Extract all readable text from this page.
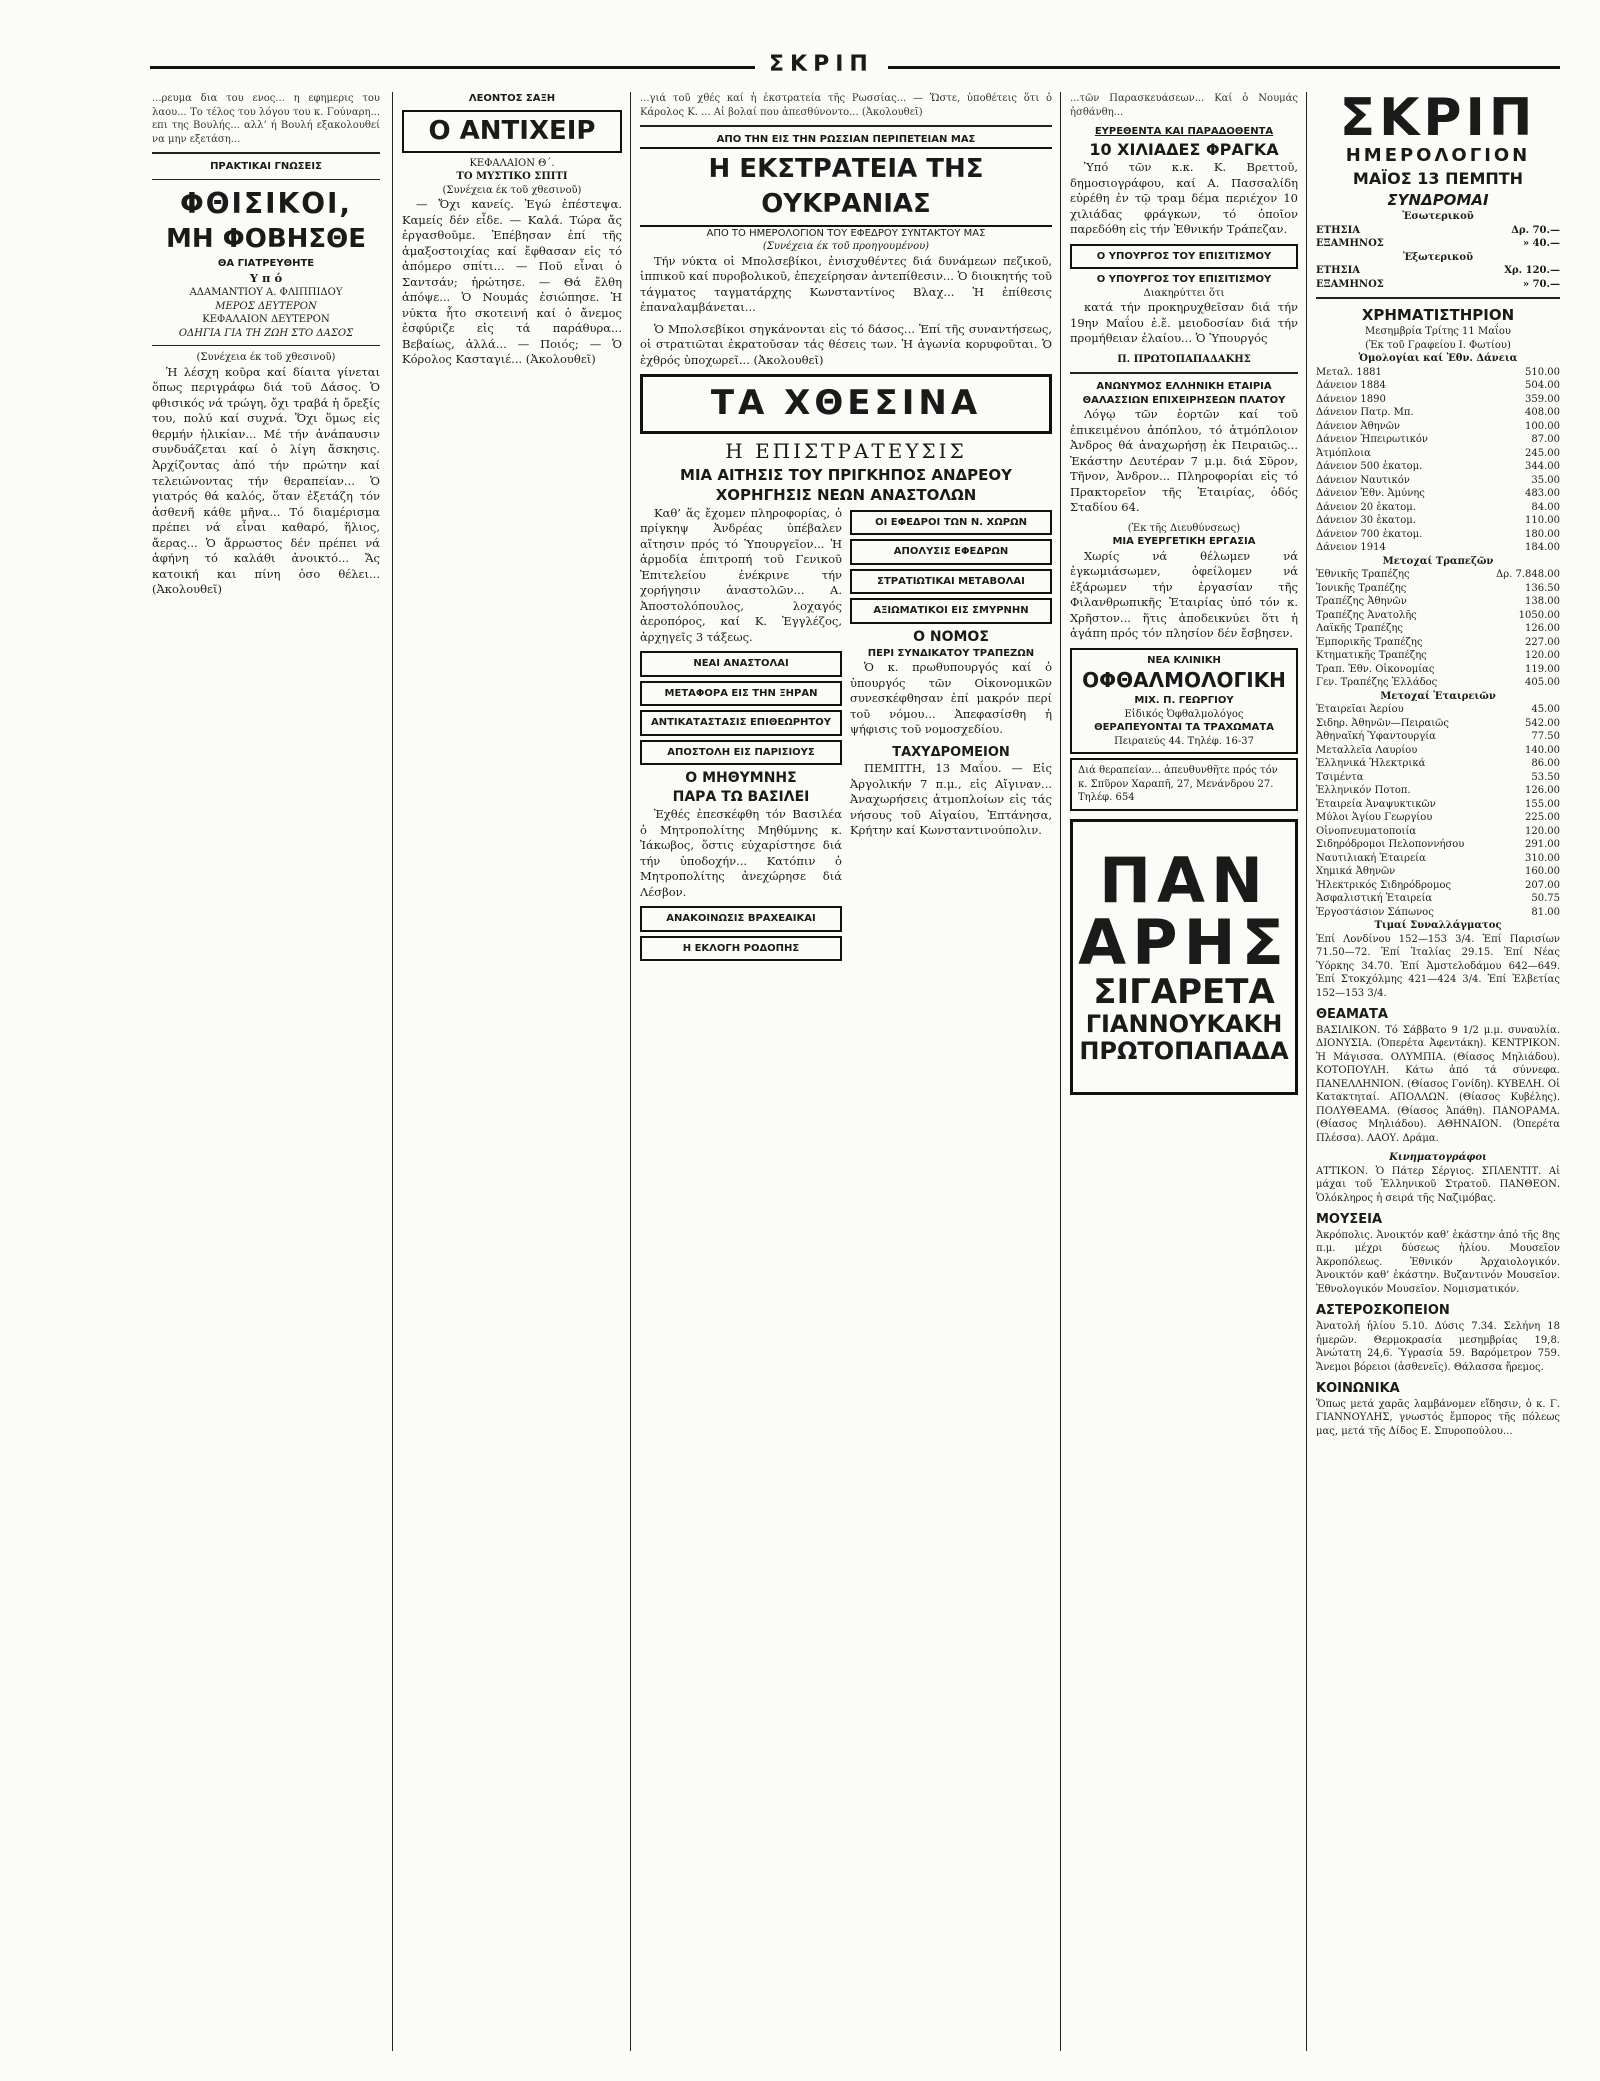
ΣΚΡΙΠ

...ρευμα δια του ενος... η εφημερις του λαου... Το τέλος του λόγου του κ. Γούναρη... επι της Βουλής... αλλ’ ή Βουλή εξακολουθεί να μην εξετάση...

ΠΡΑΚΤΙΚΑΙ ΓΝΩΣΕΙΣ
ΦΘΙΣΙΚΟΙ,
ΜΗ ΦΟΒΗΣΘΕ
ΘΑ ΓΙΑΤΡΕΥΘΗΤΕ
Υ π ό
ΑΔΑΜΑΝΤΙΟΥ Α. ΦΛΙΠΠΙΔΟΥ
ΜΕΡΟΣ ΔΕΥΤΕΡΟΝ
ΚΕΦΑΛΑΙΟΝ ΔΕΥΤΕΡΟΝ
ΟΔΗΓΙΑ ΓΙΑ ΤΗ ΖΩΗ ΣΤΟ ΔΑΣΟΣ
(Συνέχεια έκ τοῦ χθεσινοῦ)

Ἡ λέσχη κοῦρα καί δίαιτα γίνεται ὅπως περιγράφω διά τοῦ Δάσος. Ὁ φθισικός νά τρώγη, ὄχι τραβά ἡ ὄρεξίς του, πολύ καί συχνά. Ὅχι ὅμως εἰς θερμήν ἡλικίαν... Μέ τήν ἀνάπαυσιν συνδυάζεται καί ὁ λίγη ἄσκησις. Ἀρχίζοντας ἀπό τήν πρώτην καί τελειώνοντας τήν θεραπείαν... Ὁ γιατρός θά καλός, ὅταν ἐξετάζη τόν ἀσθενῆ κάθε μῆνα... Τό διαμέρισμα πρέπει νά εἶναι καθαρό, ἥλιος, ἄερας... Ὁ ἄρρωστος δέν πρέπει νά ἀφήνη τό καλάθι ἀνοικτό... Ἄς κατοική και πίνη ὁσο θέλει... (Ἀκολουθεῖ)

ΛΕΟΝΤΟΣ ΣΑΞΗ
Ο ΑΝΤΙΧΕΙΡ
ΚΕΦΑΛΑΙΟΝ Θ΄.
ΤΟ ΜΥΣΤΙΚΟ ΣΠΙΤΙ
(Συνέχεια έκ τοῦ χθεσινοῦ)

— Ὄχι κανείς. Ἐγώ ἐπέστεψα. Καμείς δέν εἶδε. — Καλά. Τώρα ἄς ἐργασθοῦμε. Ἐπέβησαν ἐπί τῆς ἀμαξοστοιχίας καί ἔφθασαν εἰς τό ἀπόμερο σπίτι... — Ποῦ εἶναι ὁ Σαντσάν; ἠρώτησε. — Θά ἔλθη ἀπόψε... Ὁ Νουμάς ἐσιώπησε. Ἡ νύκτα ἦτο σκοτεινή καί ὁ ἄνεμος ἐσφύριζε εἰς τά παράθυρα... Βεβαίως, ἀλλά... — Ποιός; — Ὁ Κόρολος Κασταγιέ... (Ἀκολουθεῖ)

...γιά τοῦ χθές καί ἡ ἐκστρατεία τῆς Ρωσσίας... — Ὥστε, ὑποθέτεις ὅτι ὁ Κάρολος Κ. ... Αἱ βολαί που ἀπεσθύνοντο... (Ἀκολουθεῖ)

ΑΠΟ ΤΗΝ ΕΙΣ ΤΗΝ ΡΩΣΣΙΑΝ ΠΕΡΙΠΕΤΕΙΑΝ ΜΑΣ
Η ΕΚΣΤΡΑΤΕΙΑ ΤΗΣ ΟΥΚΡΑΝΙΑΣ
ΑΠΟ ΤΟ ΗΜΕΡΟΛΟΓΙΟΝ ΤΟΥ ΕΦΕΔΡΟΥ ΣΥΝΤΑΚΤΟΥ ΜΑΣ
(Συνέχεια έκ τοῦ προηγουμένου)

Τήν νύκτα οἱ Μπολσεβίκοι, ἐνισχυθέντες διά δυνάμεων πεζικοῦ, ἱππικοῦ καί πυροβολικοῦ, ἐπεχείρησαν ἀντεπίθεσιν... Ὁ διοικητής τοῦ τάγματος ταγματάρχης Κωνσταντίνος Βλαχ... Ἡ ἐπίθεσις ἐπαναλαμβάνεται...

Ὁ Μπολσεβίκοι σηγκάνονται εἰς τό δάσος... Ἐπί τῆς συναντήσεως, οἱ στρατιῶται ἐκρατοῦσαν τάς θέσεις των. Ἡ ἀγωνία κορυφοῦται. Ὁ ἐχθρός ὑποχωρεῖ... (Ἀκολουθεῖ)

ΤΑ ΧΘΕΣΙΝΑ
Η ΕΠΙΣΤΡΑΤΕΥΣΙΣ
ΜΙΑ ΑΙΤΗΣΙΣ ΤΟΥ ΠΡΙΓΚΗΠΟΣ ΑΝΔΡΕΟΥ
ΧΟΡΗΓΗΣΙΣ ΝΕΩΝ ΑΝΑΣΤΟΛΩΝ

Καθ’ ἅς ἔχομεν πληροφορίας, ὁ πρίγκηψ Ἀνδρέας ὑπέβαλεν αἴτησιν πρός τό Ὑπουργεῖον... Ἡ ἁρμοδία ἐπιτροπή τοῦ Γενικοῦ Ἐπιτελείου ἐνέκρινε τήν χορήγησιν ἀναστολῶν... Α. Ἀποστολόπουλος, λοχαγός ἀεροπόρος, καί Κ. Ἐγγλέζος, ἀρχηγεῖς 3 τάξεως.

ΝΕΑΙ ΑΝΑΣΤΟΛΑΙ
ΜΕΤΑΦΟΡΑ ΕΙΣ ΤΗΝ ΞΗΡΑΝ
ΑΝΤΙΚΑΤΑΣΤΑΣΙΣ ΕΠΙΘΕΩΡΗΤΟΥ
ΑΠΟΣΤΟΛΗ ΕΙΣ ΠΑΡΙΣΙΟΥΣ
Ο ΜΗΘΥΜΝΗΣ
ΠΑΡΑ ΤΩ ΒΑΣΙΛΕΙ

Ἐχθές ἐπεσκέφθη τόν Βασιλέα ὁ Μητροπολίτης Μηθύμνης κ. Ἰάκωβος, ὅστις εὐχαρίστησε διά τήν ὑποδοχήν... Κατόπιν ὁ Μητροπολίτης ἀνεχώρησε διά Λέσβον.

ΑΝΑΚΟΙΝΩΣΙΣ ΒΡΑΧΕΑΙΚΑΙ
Η ΕΚΛΟΓΗ ΡΟΔΟΠΗΣ
ΟΙ ΕΦΕΔΡΟΙ ΤΩΝ Ν. ΧΩΡΩΝ
ΑΠΟΛΥΣΙΣ ΕΦΕΔΡΩΝ
ΣΤΡΑΤΙΩΤΙΚΑΙ ΜΕΤΑΒΟΛΑΙ
ΑΞΙΩΜΑΤΙΚΟΙ ΕΙΣ ΣΜΥΡΝΗΝ
Ο ΝΟΜΟΣ
ΠΕΡΙ ΣΥΝΔΙΚΑΤΟΥ ΤΡΑΠΕΖΩΝ

Ὁ κ. πρωθυπουργός καί ὁ ὑπουργός τῶν Οἰκονομικῶν συνεσκέφθησαν ἐπί μακρόν περί τοῦ νόμου... Ἀπεφασίσθη ἡ ψήφισις τοῦ νομοσχεδίου.

ΤΑΧΥΔΡΟΜΕΙΟΝ

ΠΕΜΠΤΗ, 13 Μαΐου. — Εἰς Ἀργολικήν 7 π.μ., εἰς Αἴγιναν... Ἀναχωρήσεις ἀτμοπλοίων εἰς τάς νήσους τοῦ Αἰγαίου, Ἑπτάνησα, Κρήτην καί Κωνσταντινούπολιν.

...τῶν Παρασκευάσεων... Καί ὁ Νουμάς ἠσθάνθη...

ΕΥΡΕΘΕΝΤΑ ΚΑΙ ΠΑΡΑΔΟΘΕΝΤΑ
10 ΧΙΛΙΑΔΕΣ ΦΡΑΓΚΑ

Ὑπό τῶν κ.κ. Κ. Βρεττοῦ, δημοσιογράφου, καί Α. Πασσαλίδη εὑρέθη ἐν τῷ τραμ δέμα περιέχον 10 χιλιάδας φράγκων, τό ὁποῖον παρεδόθη εἰς τήν Ἐθνικήν Τράπεζαν.

Ο ΥΠΟΥΡΓΟΣ ΤΟΥ ΕΠΙΣΙΤΙΣΜΟΥ
Ο ΥΠΟΥΡΓΟΣ ΤΟΥ ΕΠΙΣΙΤΙΣΜΟΥ
Διακηρύττει ὅτι

κατά τήν προκηρυχθεῖσαν διά τήν 19ην Μαΐου ἐ.ἔ. μειοδοσίαν διά τήν προμήθειαν ἐλαίου... Ὁ Ὑπουργός

Π. ΠΡΩΤΟΠΑΠΑΔΑΚΗΣ
ΑΝΩΝΥΜΟΣ ΕΛΛΗΝΙΚΗ ΕΤΑΙΡΙΑ
ΘΑΛΑΣΣΙΩΝ ΕΠΙΧΕΙΡΗΣΕΩΝ ΠΛΑΤΟΥ

Λόγῳ τῶν ἑορτῶν καί τοῦ ἐπικειμένου ἀπόπλου, τό ἀτμόπλοιον Ἀνδρος θά ἀναχωρήσῃ ἐκ Πειραιῶς... Ἐκάστην Δευτέραν 7 μ.μ. διά Σῦρον, Τῆνον, Ἀνδρον... Πληροφορίαι εἰς τό Πρακτορεῖον τῆς Ἑταιρίας, ὁδός Σταδίου 64.

(Ἐκ τῆς Διευθύνσεως)
ΜΙΑ ΕΥΕΡΓΕΤΙΚΗ ΕΡΓΑΣΙΑ

Χωρίς νά θέλωμεν νά ἐγκωμιάσωμεν, ὀφείλομεν νά ἐξάρωμεν τήν ἐργασίαν τῆς Φιλανθρωπικῆς Ἑταιρίας ὑπό τόν κ. Χρῆστον... ἥτις ἀποδεικνύει ὅτι ἡ ἀγάπη πρός τόν πλησίον δέν ἔσβησεν.

ΝΕΑ ΚΛΙΝΙΚΗ
ΟΦΘΑΛΜΟΛΟΓΙΚΗ
ΜΙΧ. Π. ΓΕΩΡΓΙΟΥ
Εἰδικός Ὀφθαλμολόγος
ΘΕΡΑΠΕΥΟΝΤΑΙ ΤΑ ΤΡΑΧΩΜΑΤΑ
Πειραιεύς 44. Τηλέφ. 16-37
Διά θεραπείαν... ἀπευθυνθῆτε πρός τόν κ. Σπῦρον Χαραπῆ, 27, Μενάνδρου 27. Τηλέφ. 654
ΠΑΝ
ΑΡΗΣ
ΣΙΓΑΡΕΤΑ
ΓΙΑΝΝΟΥΚΑΚΗ
ΠΡΩΤΟΠΑΠΑΔΑ
ΣΚΡΙΠ
ΗΜΕΡΟΛΟΓΙΟΝ
ΜΑΪΟΣ 13 ΠΕΜΠΤΗ
ΣΥΝΔΡΟΜΑΙ
Ἐσωτερικοῦ
ΕΤΗΣΙΑ	Δρ. 70.—
ΕΞΑΜΗΝΟΣ	» 40.—
Ἐξωτερικοῦ
ΕΤΗΣΙΑ	Χρ. 120.—
ΕΞΑΜΗΝΟΣ	» 70.—
ΧΡΗΜΑΤΙΣΤΗΡΙΟΝ
Μεσημβρία Τρίτης 11 Μαΐου
(Ἐκ τοῦ Γραφείου Ι. Φωτίου)
Ὁμολογίαι καί Ἐθν. Δάνεια
Μεταλ. 1881	510.00
Δάνειον 1884	504.00
Δάνειον 1890	359.00
Δάνειον Πατρ. Μπ.	408.00
Δάνειον Ἀθηνῶν	100.00
Δάνειον Ἠπειρωτικόν	87.00
Ἀτμόπλοια	245.00
Δάνειον 500 ἑκατομ.	344.00
Δάνειον Ναυτικόν	35.00
Δάνειον Ἐθν. Ἀμύνης	483.00
Δάνειον 20 ἑκατομ.	84.00
Δάνειον 30 ἑκατομ.	110.00
Δάνειον 700 ἑκατομ.	180.00
Δάνειον 1914	184.00
Μετοχαί Τραπεζῶν
Ἐθνικῆς Τραπέζης	Δρ. 7.848.00
Ἰονικῆς Τραπέζης	136.50
Τραπέζης Ἀθηνῶν	138.00
Τραπέζης Ἀνατολῆς	1050.00
Λαϊκῆς Τραπέζης	126.00
Ἐμπορικῆς Τραπέζης	227.00
Κτηματικῆς Τραπέζης	120.00
Τραπ. Ἐθν. Οἰκονομίας	119.00
Γεν. Τραπέζης Ἑλλάδος	405.00
Μετοχαί Ἑταιρειῶν
Ἑταιρεῖαι Ἀερίου	45.00
Σιδηρ. Ἀθηνῶν—Πειραιῶς	542.00
Ἀθηναϊκή Ὑφαντουργία	77.50
Μεταλλεῖα Λαυρίου	140.00
Ἑλληνικά Ἠλεκτρικά	86.00
Τσιμέντα	53.50
Ἑλληνικόν Ποτοπ.	126.00
Ἑταιρεία Ἀναψυκτικῶν	155.00
Μύλοι Ἁγίου Γεωργίου	225.00
Οἰνοπνευματοποιία	120.00
Σιδηρόδρομοι Πελοποννήσου	291.00
Ναυτιλιακή Ἑταιρεία	310.00
Χημικά Ἀθηνῶν	160.00
Ἠλεκτρικός Σιδηρόδρομος	207.00
Ἀσφαλιστική Ἑταιρεία	50.75
Ἐργοστάσιον Σάπωνος	81.00
Τιμαί Συναλλάγματος

Ἐπί Λονδίνου 152—153 3/4. Ἐπί Παρισίων 71.50—72. Ἐπί Ἰταλίας 29.15. Ἐπί Νέας Ὑόρκης 34.70. Ἐπί Ἀμστελοδάμου 642—649. Ἐπί Στοκχόλμης 421—424 3/4. Ἐπί Ἐλβετίας 152—153 3/4.

ΘΕΑΜΑΤΑ

ΒΑΣΙΛΙΚΟΝ. Τό Σάββατο 9 1/2 μ.μ. συναυλία. ΔΙΟΝΥΣΙΑ. (Ὀπερέτα Ἀφεντάκη). ΚΕΝΤΡΙΚΟΝ. Ἡ Μάγισσα. ΟΛΥΜΠΙΑ. (Θίασος Μηλιάδου). ΚΟΤΟΠΟΥΛΗ. Κάτω ἀπό τά σύννεφα. ΠΑΝΕΛΛΗΝΙΟΝ. (Θίασος Γονίδη). ΚΥΒΕΛΗ. Οἱ Κατακτηταί. ΑΠΟΛΛΩΝ. (Θίασος Κυβέλης). ΠΟΛΥΘΕΑΜΑ. (Θίασος Ἀπάθη). ΠΑΝΟΡΑΜΑ. (Θίασος Μηλιάδου). ΑΘΗΝΑΙΟΝ. (Ὀπερέτα Πλέσσα). ΛΑΟΥ. Δράμα.

Κινηματογράφοι

ΑΤΤΙΚΟΝ. Ὁ Πάτερ Σέργιος. ΣΠΛΕΝΤΙΤ. Αἱ μάχαι τοῦ Ἑλληνικοῦ Στρατοῦ. ΠΑΝΘΕΟΝ. Ὁλόκληρος ἡ σειρά τῆς Ναζιμόβας.

ΜΟΥΣΕΙΑ

Ἀκρόπολις. Ἀνοικτόν καθ’ ἑκάστην ἀπό τῆς 8ης π.μ. μέχρι δύσεως ἡλίου. Μουσεῖον Ἀκροπόλεως. Ἐθνικόν Ἀρχαιολογικόν. Ἀνοικτόν καθ’ ἑκάστην. Βυζαντινόν Μουσεῖον. Ἐθνολογικόν Μουσεῖον. Νομισματικόν.

ΑΣΤΕΡΟΣΚΟΠΕΙΟΝ

Ἀνατολή ἡλίου 5.10. Δύσις 7.34. Σελήνη 18 ἡμερῶν. Θερμοκρασία μεσημβρίας 19,8. Ἀνώτατη 24,6. Ὑγρασία 59. Βαρόμετρον 759. Ἄνεμοι βόρειοι (ἀσθενεῖς). Θάλασσα ἤρεμος.

ΚΟΙΝΩΝΙΚΑ

Ὅπως μετά χαρᾶς λαμβάνομεν εἴδησιν, ὁ κ. Γ. ΓΙΑΝΝΟΥΛΗΣ, γνωστός ἔμπορος τῆς πόλεως μας, μετά τῆς Δίδος Ε. Σπυροπούλου...
